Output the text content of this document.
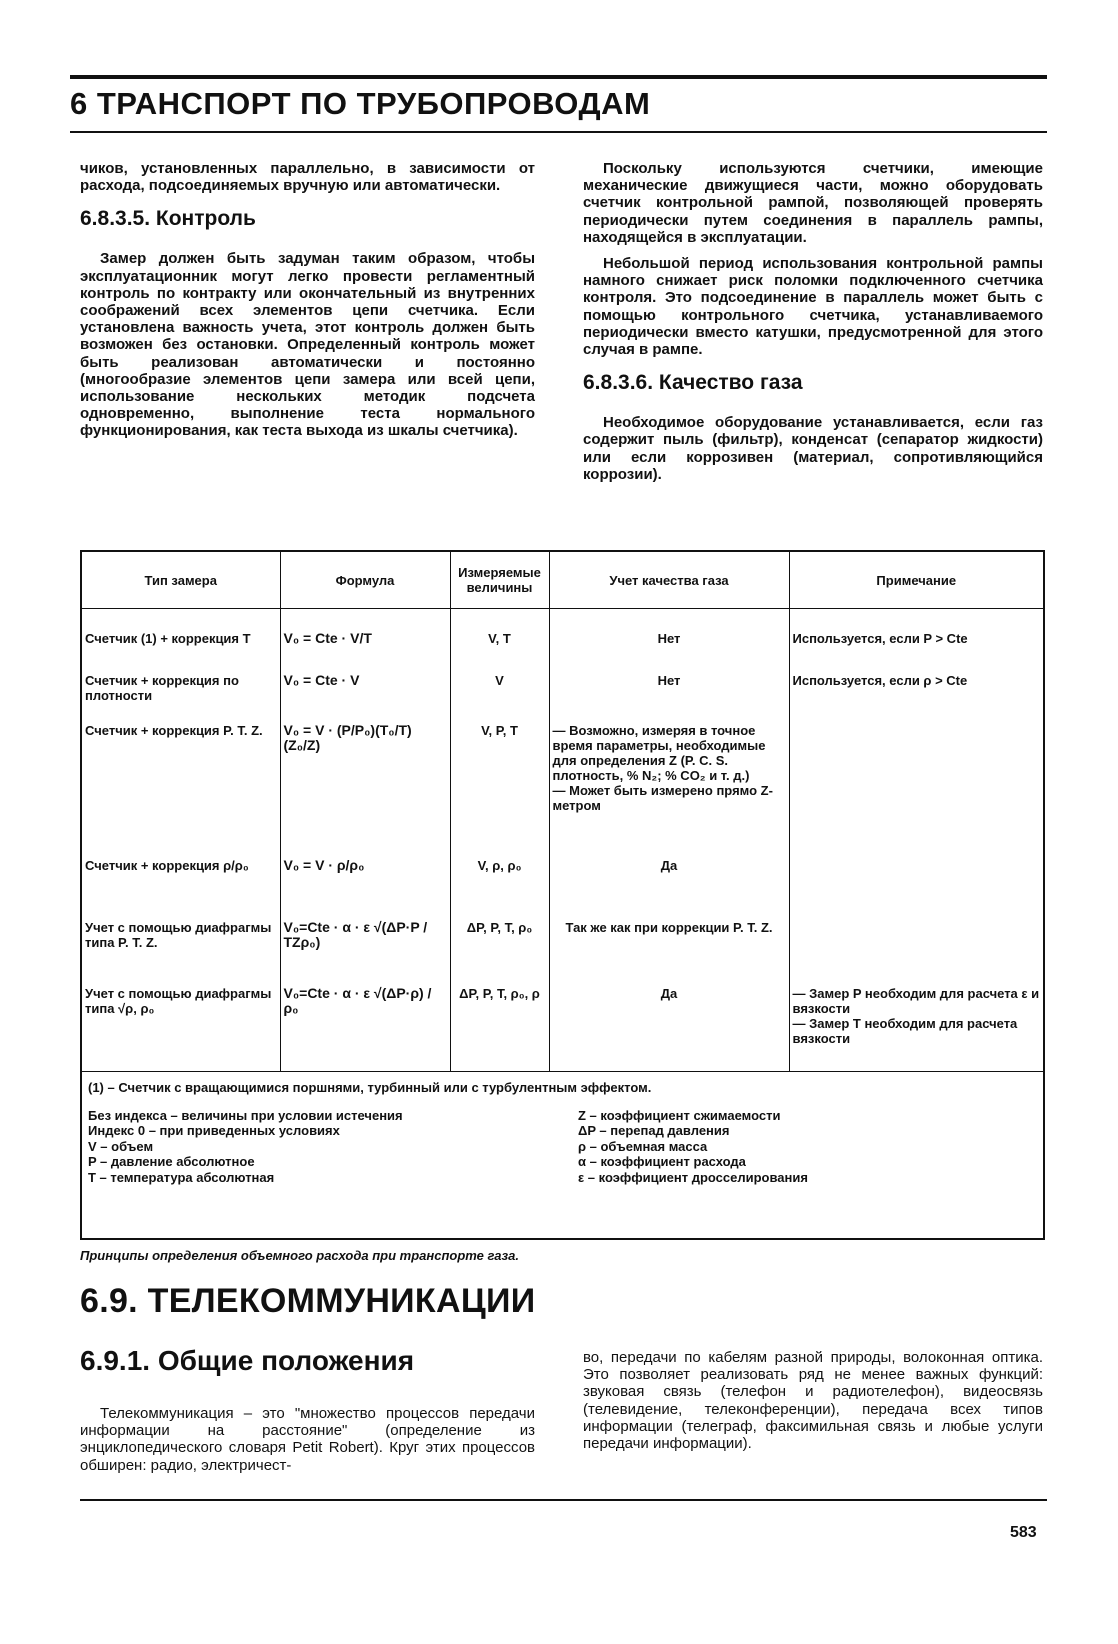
6 ТРАНСПОРТ ПО ТРУБОПРОВОДАМ

чиков, установленных параллельно, в зависимости от расхода, подсоединяемых вручную или автоматически.

6.8.3.5. Контроль

Замер должен быть задуман таким образом, чтобы эксплуатационник могут легко провести регламентный контроль по контракту или окончательный из внутренних соображений всех элементов цепи счетчика. Если установлена важность учета, этот контроль должен быть возможен без остановки. Определенный контроль может быть реализован автоматически и постоянно (многообразие элементов цепи замера или всей цепи, использование нескольких методик подсчета одновременно, выполнение теста нормального функционирования, как теста выхода из шкалы счетчика).

Поскольку используются счетчики, имеющие механические движущиеся части, можно оборудовать счетчик контрольной рампой, позволяющей проверять периодически путем соединения в параллель рампы, находящейся в эксплуатации.

Небольшой период использования контрольной рампы намного снижает риск поломки подключенного счетчика контроля. Это подсоединение в параллель может быть с помощью контрольного счетчика, устанавливаемого периодически вместо катушки, предусмотренной для этого случая в рампе.

6.8.3.6. Качество газа

Необходимое оборудование устанавливается, если газ содержит пыль (фильтр), конденсат (сепаратор жидкости) или если коррозивен (материал, сопротивляющийся коррозии).

Тип замера	Формула	Измеряемые величины	Учет качества газа	Примечание
Счетчик (1) + коррекция T	V₀ = Cte · V/T	V, T	Нет	Используется, если P > Cte
Счетчик + коррекция по плотности	V₀ = Cte · V	V	Нет	Используется, если ρ > Cte
Счетчик + коррекция P. T. Z.	V₀ = V · (P/P₀)(T₀/T)(Z₀/Z)	V, P, T	— Возможно, измеряя в точное время параметры, необходимые для определения Z (P. C. S. плотность, % N₂; % CO₂ и т. д.)
— Может быть измерено прямо Z-метром	
Счетчик + коррекция ρ/ρ₀	V₀ = V · ρ/ρ₀	V, ρ, ρ₀	Да	
Учет с помощью диафрагмы типа P. T. Z.	V₀=Cte · α · ε √(ΔP·P / TZρ₀)	ΔP, P, T, ρ₀	Так же как при коррекции P. T. Z.	
Учет с помощью диафрагмы типа √ρ, ρ₀	V₀=Cte · α · ε √(ΔP·ρ) / ρ₀	ΔP, P, T, ρ₀, ρ	Да	— Замер P необходим для расчета ε и вязкости
— Замер T необходим для расчета вязкости
(1) – Счетчик с вращающимися поршнями, турбинный или с турбулентным эффектом.
Без индекса – величины при условии истечения
Индекс 0 – при приведенных условиях
V – объем
P – давление абсолютное
T – температура абсолютная
Z – коэффициент сжимаемости
ΔP – перепад давления
ρ – объемная масса
α – коэффициент расхода
ε – коэффициент дросселирования
Принципы определения объемного расхода при транспорте газа.
6.9. ТЕЛЕКОММУНИКАЦИИ
6.9.1. Общие положения

Телекоммуникация – это "множество процессов передачи информации на расстояние" (определение из энциклопедического словаря Petit Robert). Круг этих процессов обширен: радио, электричест-

во, передачи по кабелям разной природы, волоконная оптика. Это позволяет реализовать ряд не менее важных функций: звуковая связь (телефон и радиотелефон), видеосвязь (телевидение, телеконференции), передача всех типов информации (телеграф, факсимильная связь и любые услуги передачи информации).

583
